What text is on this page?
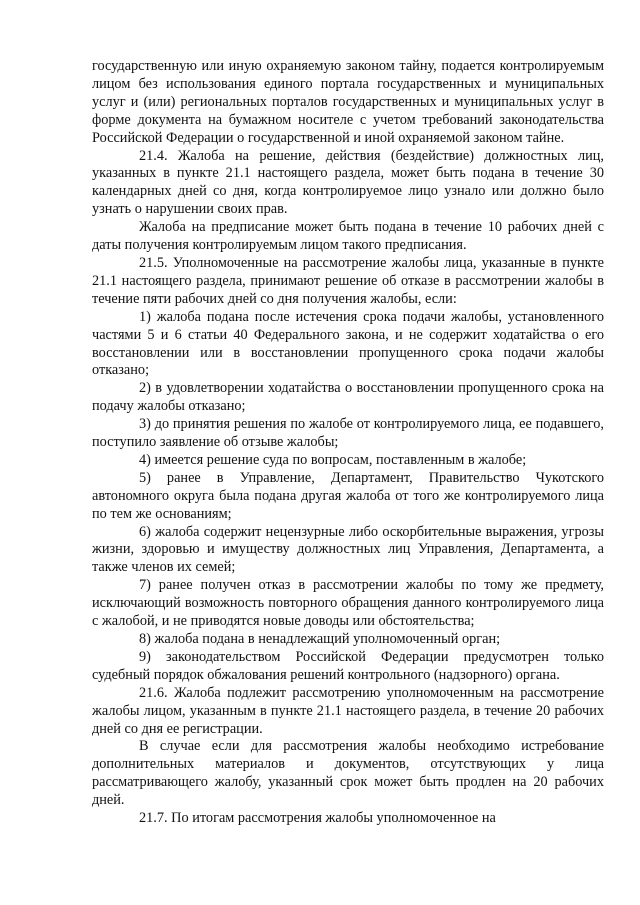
государственную или иную охраняемую законом тайну, подается контролируемым лицом без использования единого портала государственных и муниципальных услуг и (или) региональных порталов государственных и муниципальных услуг в форме документа на бумажном носителе с учетом требований законодательства Российской Федерации о государственной и иной охраняемой законом тайне.

21.4. Жалоба на решение, действия (бездействие) должностных лиц, указанных в пункте 21.1 настоящего раздела, может быть подана в течение 30 календарных дней со дня, когда контролируемое лицо узнало или должно было узнать о нарушении своих прав.

Жалоба на предписание может быть подана в течение 10 рабочих дней с даты получения контролируемым лицом такого предписания.

21.5. Уполномоченные на рассмотрение жалобы лица, указанные в пункте 21.1 настоящего раздела, принимают решение об отказе в рассмотрении жалобы в течение пяти рабочих дней со дня получения жалобы, если:

1) жалоба подана после истечения срока подачи жалобы, установленного частями 5 и 6 статьи 40 Федерального закона, и не содержит ходатайства о его восстановлении или в восстановлении пропущенного срока подачи жалобы отказано;

2) в удовлетворении ходатайства о восстановлении пропущенного срока на подачу жалобы отказано;

3) до принятия решения по жалобе от контролируемого лица, ее подавшего, поступило заявление об отзыве жалобы;

4) имеется решение суда по вопросам, поставленным в жалобе;

5) ранее в Управление, Департамент, Правительство Чукотского автономного округа была подана другая жалоба от того же контролируемого лица по тем же основаниям;

6) жалоба содержит нецензурные либо оскорбительные выражения, угрозы жизни, здоровью и имуществу должностных лиц Управления, Департамента, а также членов их семей;

7) ранее получен отказ в рассмотрении жалобы по тому же предмету, исключающий возможность повторного обращения данного контролируемого лица с жалобой, и не приводятся новые доводы или обстоятельства;

8) жалоба подана в ненадлежащий уполномоченный орган;

9) законодательством Российской Федерации предусмотрен только судебный порядок обжалования решений контрольного (надзорного) органа.

21.6. Жалоба подлежит рассмотрению уполномоченным на рассмотрение жалобы лицом, указанным в пункте 21.1 настоящего раздела, в течение 20 рабочих дней со дня ее регистрации.

В случае если для рассмотрения жалобы необходимо истребование дополнительных материалов и документов, отсутствующих у лица рассматривающего жалобу, указанный срок может быть продлен на 20 рабочих дней.

21.7. По итогам рассмотрения жалобы уполномоченное на
